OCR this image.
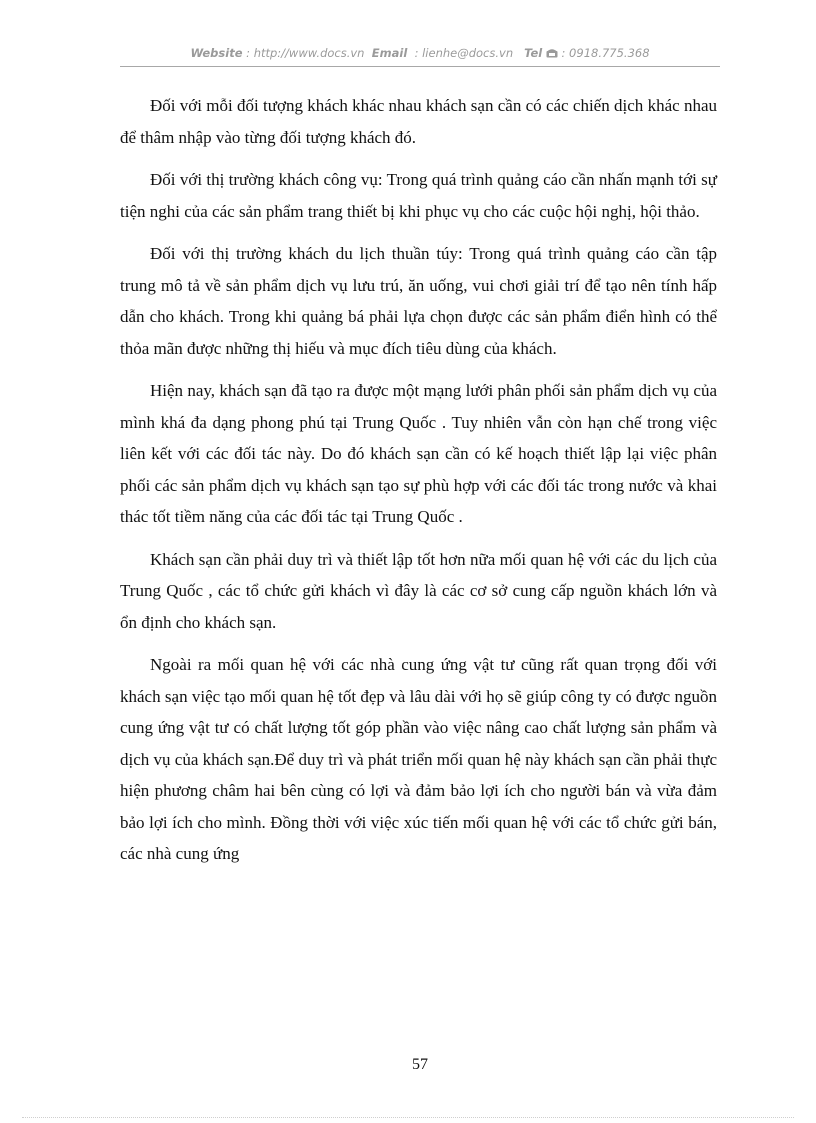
Website : http://www.docs.vn Email : lienhe@docs.vn Tel : 0918.775.368

Đối với mỗi đối tượng khách khác nhau khách sạn cần có các chiến dịch khác nhau để thâm nhập vào từng đối tượng khách đó.

Đối với thị trường khách công vụ: Trong quá trình quảng cáo cần nhấn mạnh tới sự tiện nghi của các sản phẩm trang thiết bị khi phục vụ cho các cuộc hội nghị, hội thảo.

Đối với thị trường khách du lịch thuần túy: Trong quá trình quảng cáo cần tập trung mô tả về sản phẩm dịch vụ lưu trú, ăn uống, vui chơi giải trí để tạo nên tính hấp dẫn cho khách. Trong khi quảng bá phải lựa chọn được các sản phẩm điển hình có thể thỏa mãn được những thị hiếu và mục đích tiêu dùng của khách.

Hiện nay, khách sạn đã tạo ra được một mạng lưới phân phối sản phẩm dịch vụ của mình khá đa dạng phong phú tại Trung Quốc . Tuy nhiên vẫn còn hạn chế trong việc liên kết với các đối tác này. Do đó khách sạn cần có kế hoạch thiết lập lại việc phân phối các sản phẩm dịch vụ khách sạn tạo sự phù hợp với các đối tác trong nước và khai thác tốt tiềm năng của các đối tác tại Trung Quốc .

Khách sạn cần phải duy trì và thiết lập tốt hơn nữa mối quan hệ với các du lịch của Trung Quốc , các tổ chức gửi khách vì đây là các cơ sở cung cấp nguồn khách lớn và ổn định cho khách sạn.

Ngoài ra mối quan hệ với các nhà cung ứng vật tư cũng rất quan trọng đối với khách sạn việc tạo mối quan hệ tốt đẹp và lâu dài với họ sẽ giúp công ty có được nguồn cung ứng vật tư có chất lượng tốt góp phần vào việc nâng cao chất lượng sản phẩm và dịch vụ của khách sạn.Để duy trì và phát triển mối quan hệ này khách sạn cần phải thực hiện phương châm hai bên cùng có lợi và đảm bảo lợi ích cho người bán và vừa đảm bảo lợi ích cho mình. Đồng thời với việc xúc tiến mối quan hệ với các tổ chức gửi bán, các nhà cung ứng

57
